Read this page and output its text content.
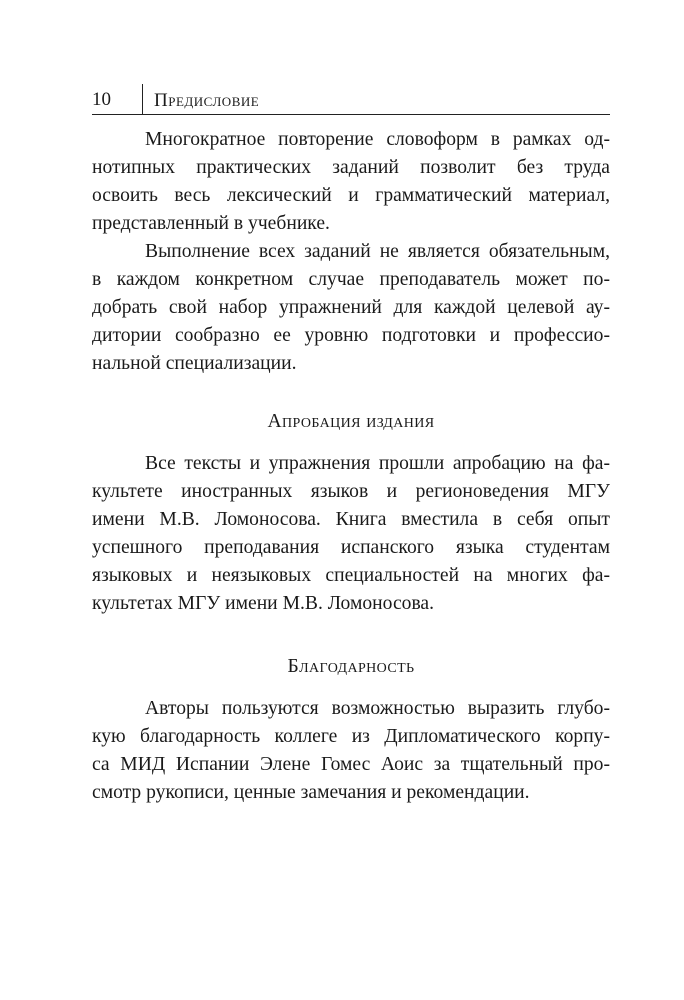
10 Предисловие

Многократное повторение словоформ в рамках од-
нотипных практических заданий позволит без труда
освоить весь лексический и грамматический материал,
представленный в учебнике.

Выполнение всех заданий не является обязательным,
в каждом конкретном случае преподаватель может по-
добрать свой набор упражнений для каждой целевой ау-
дитории сообразно ее уровню подготовки и профессио-
нальной специализации.

Апробация издания

Все тексты и упражнения прошли апробацию на фа-
культете иностранных языков и регионоведения МГУ
имени М.В. Ломоносова. Книга вместила в себя опыт
успешного преподавания испанского языка студентам
языковых и неязыковых специальностей на многих фа-
культетах МГУ имени М.В. Ломоносова.

Благодарность

Авторы пользуются возможностью выразить глубо-
кую благодарность коллеге из Дипломатического корпу-
са МИД Испании Элене Гомес Аоис за тщательный про-
смотр рукописи, ценные замечания и рекомендации.
